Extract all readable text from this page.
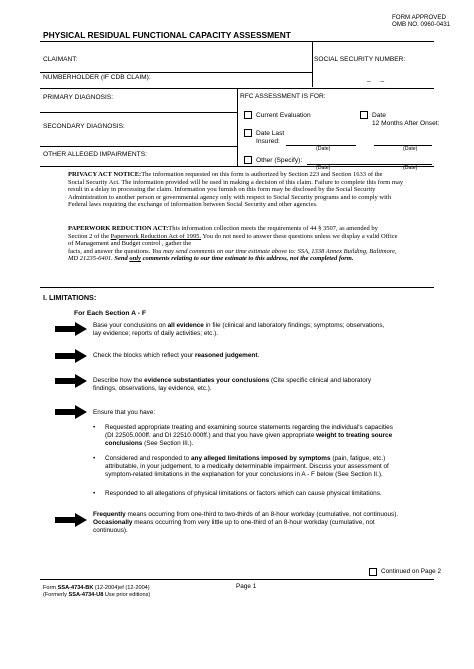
FORM APPROVED
OMB NO. 0960-0431
PHYSICAL RESIDUAL FUNCTIONAL CAPACITY ASSESSMENT
CLAIMANT:	SOCIAL SECURITY NUMBER:
NUMBERHOLDER (IF CDB CLAIM):
– –
PRIMARY DIAGNOSIS:
SECONDARY DIAGNOSIS:
OTHER ALLEGED IMPAIRMENTS:
RFC ASSESSMENT IS FOR:
Current Evaluation	Date
12 Months After Onset:
Date Last
Insured:
(Date)	(Date)
Other (Specify):
(Date)	(Date)
PRIVACY ACT NOTICE:The information requested on this form is authorized by Section 223 and Section 1633 of the
Social Security Act. The information provided will be used in making a decision of this claim. Failure to complete this form may
result in a delay in processing the claim. Information you furnish on this form may be disclosed by the Social Security
Administration to another person or governmental agency only with respect to Social Security programs and to comply with
Federal laws requiring the exchange of information between Social Security and other agencies.
PAPERWORK REDUCTION ACT:This information collection meets the requirements of 44 § 3507, as amended by
Section 2 of the Paperwork Reduction Act of 1995. You do not need to answer these questions unless we display a valid Office
of Management and Budget control , gather the
facts, and answer the questions. You may send comments on our time estimate above to: SSA, 1338 Annex Building, Baltimore,
MD 21235-6401. Send only comments relating to our time estimate to this address, not the completed form.
I. LIMITATIONS:
For Each Section A - F
Base your conclusions on all evidence in file (clinical and laboratory findings; symptoms; observations,
lay evidence; reports of daily activities; etc.).
Check the blocks which reflect your reasoned judgement.
Describe how the evidence substantiates your conclusions (Cite specific clinical and laboratory
findings, observations, lay evidence, etc.).
Ensure that you have:
• Requested appropriate treating and examining source statements regarding the individual's capacities
(DI 22505.000ff. and DI 22510.000ff.) and that you have given appropriate weight to treating source
conclusions (See Section III.).
• Considered and responded to any alleged limitations imposed by symptoms (pain, fatigue, etc.)
attributable, in your judgement, to a medically determinable impairment. Discuss your assessment of
symptom-related limitations in the explanation for your conclusions in A - F below (See Section II.).
• Responded to all allegations of physical limitations or factors which can cause physical limitations.
Frequently means occurring from one-third to two-thirds of an 8-hour workday (cumulative, not continuous).
Occasionally means occurring from very little up to one-third of an 8-hour workday (cumulative, not
continuous).
Continued on Page 2
Form SSA-4734-BK (12-2004)ef (12-2004)
(Formerly SSA-4734-U8 Use prior editions)
Page 1
